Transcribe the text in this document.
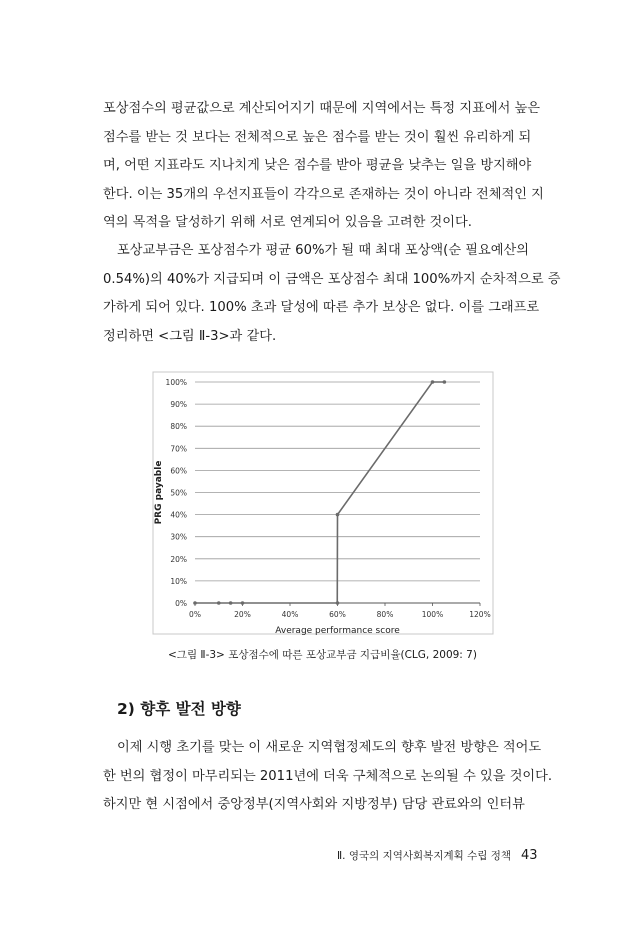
포상점수의 평균값으로 계산되어지기 때문에 지역에서는 특정 지표에서 높은
점수를 받는 것 보다는 전체적으로 높은 점수를 받는 것이 훨씬 유리하게 되
며, 어떤 지표라도 지나치게 낮은 점수를 받아 평균을 낮추는 일을 방지해야
한다. 이는 35개의 우선지표들이 각각으로 존재하는 것이 아니라 전체적인 지
역의 목적을 달성하기 위해 서로 연계되어 있음을 고려한 것이다.
포상교부금은 포상점수가 평균 60%가 될 때 최대 포상액(순 필요예산의
0.54%)의 40%가 지급되며 이 금액은 포상점수 최대 100%까지 순차적으로 증
가하게 되어 있다. 100% 초과 달성에 따른 추가 보상은 없다. 이를 그래프로
정리하면 <그림 Ⅱ-3>과 같다.
0%
10%
20%
30%
40%
50%
60%
70%
80%
90%
100%
0%	20%	40%	60%	80%	100%	120%
Average performance score
PRG payable
<그림 Ⅱ-3> 포상점수에 따른 포상교부금 지급비율(CLG, 2009: 7)
2) 향후 발전 방향
이제 시행 초기를 맞는 이 새로운 지역협정제도의 향후 발전 방향은 적어도
한 번의 협정이 마무리되는 2011년에 더욱 구체적으로 논의될 수 있을 것이다.
하지만 현 시점에서 중앙정부(지역사회와 지방정부) 담당 관료와의 인터뷰
Ⅱ. 영국의 지역사회복지계획 수립 정책 43
